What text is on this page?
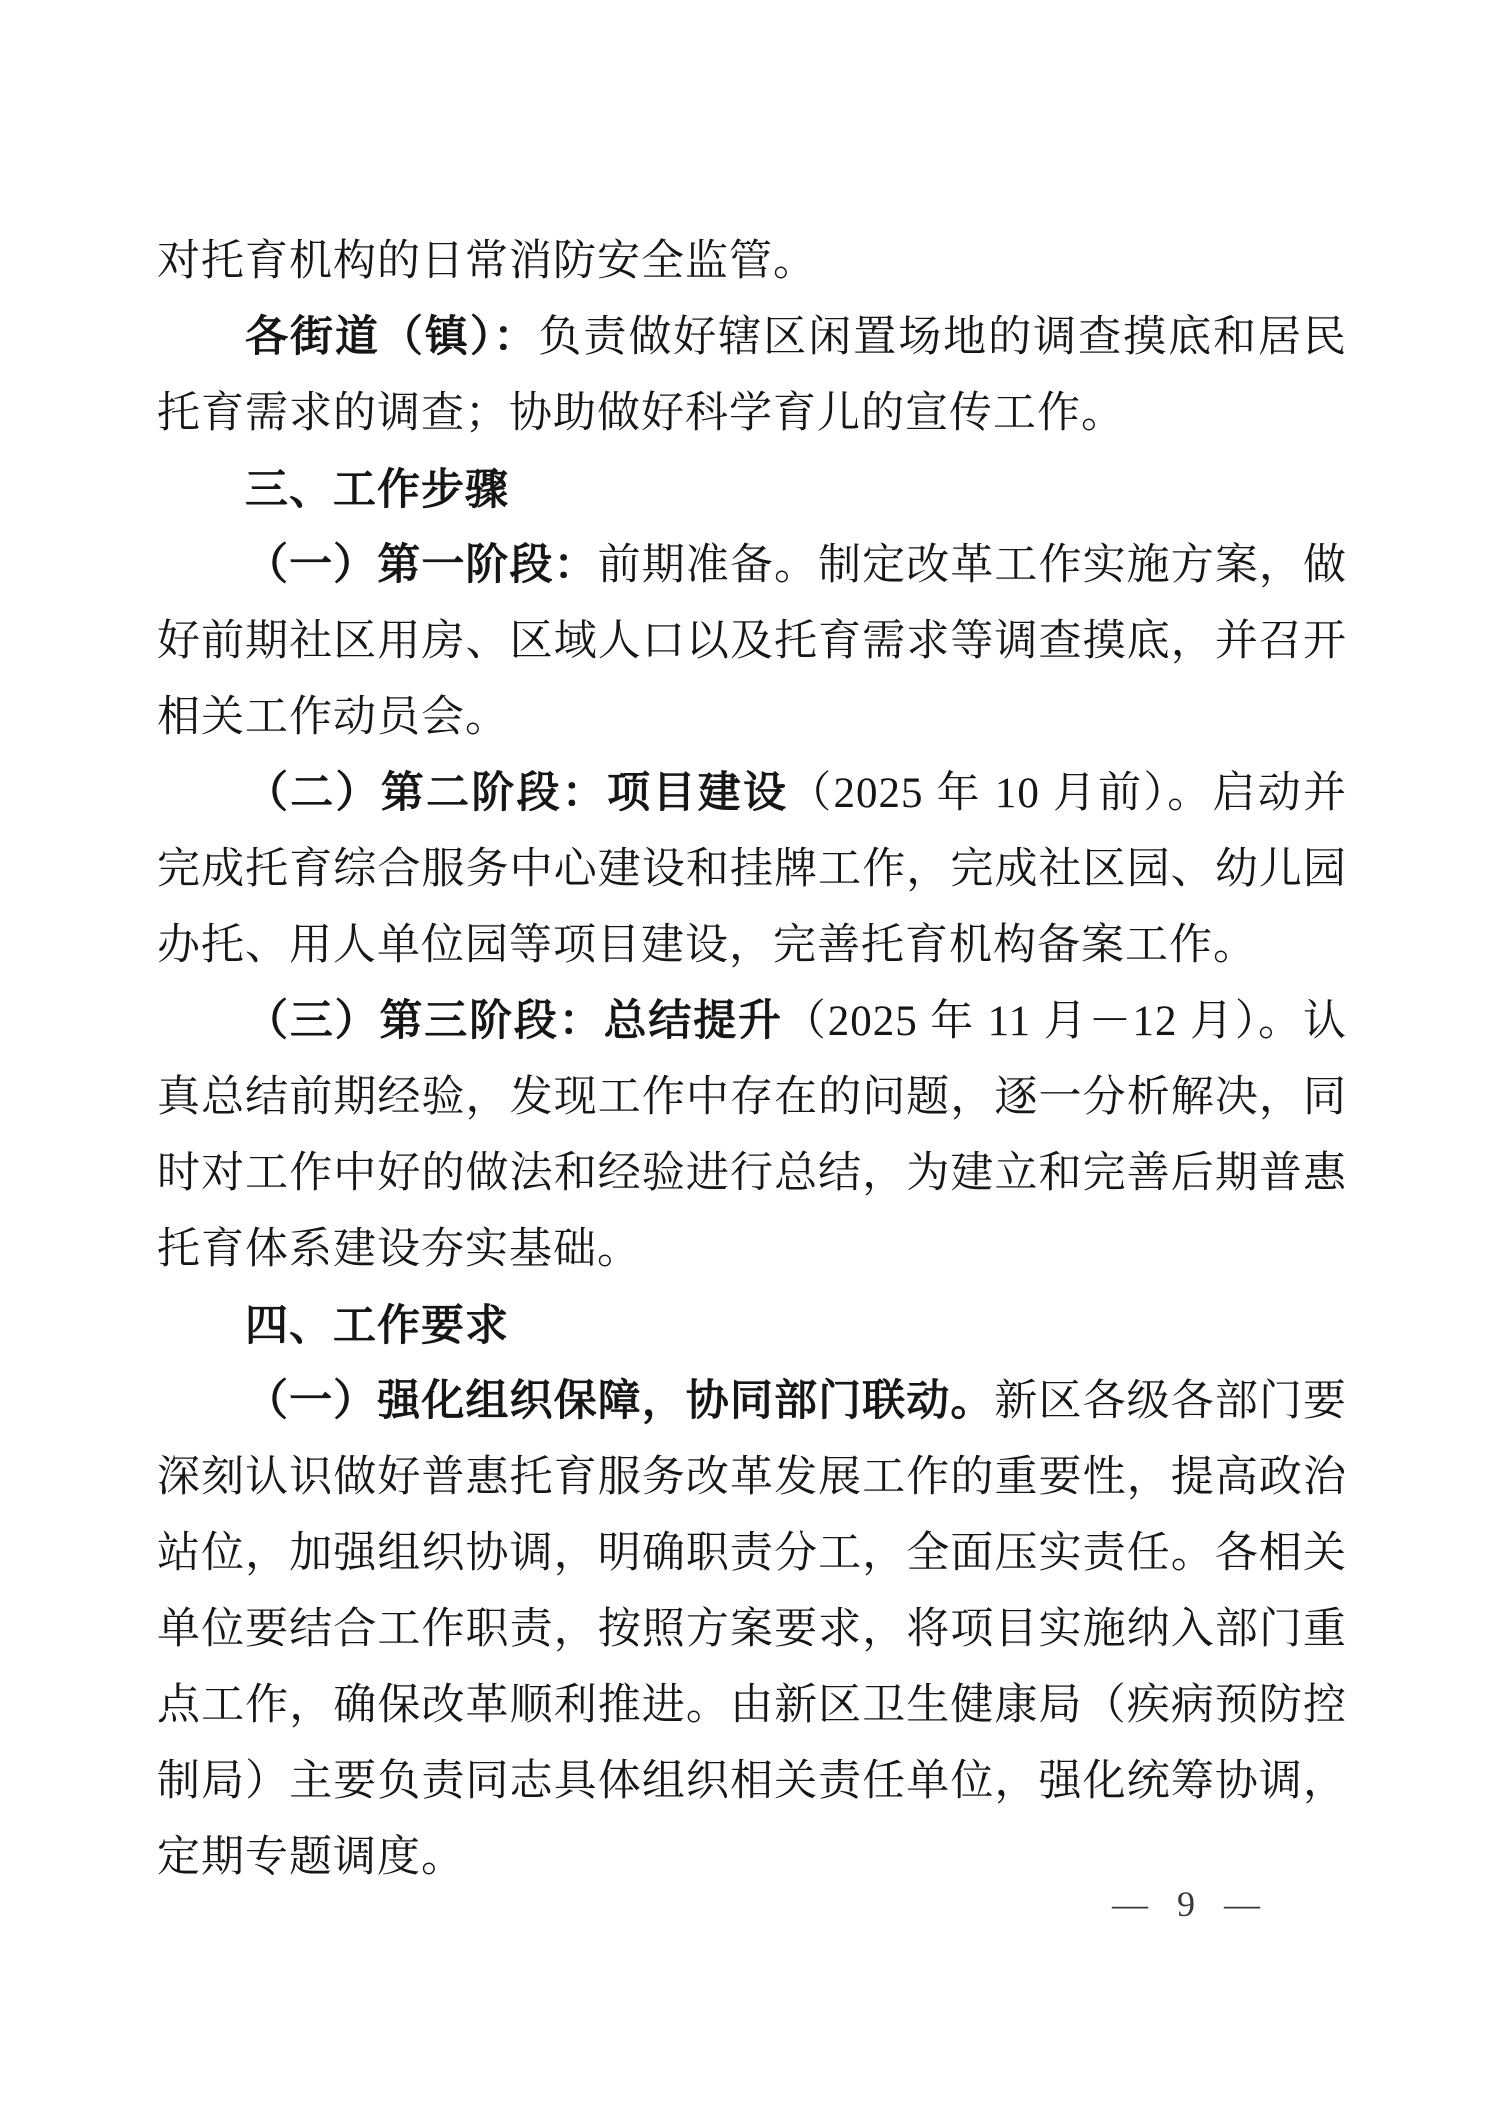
对托育机构的日常消防安全监管。

各街道（镇）：负责做好辖区闲置场地的调查摸底和居民托育需求的调查；协助做好科学育儿的宣传工作。

三、工作步骤

（一）第一阶段：前期准备。制定改革工作实施方案，做好前期社区用房、区域人口以及托育需求等调查摸底，并召开相关工作动员会。

（二）第二阶段：项目建设（2025 年 10 月前）。启动并完成托育综合服务中心建设和挂牌工作，完成社区园、幼儿园办托、用人单位园等项目建设，完善托育机构备案工作。

（三）第三阶段：总结提升（2025 年 11 月－12 月）。认真总结前期经验，发现工作中存在的问题，逐一分析解决，同时对工作中好的做法和经验进行总结，为建立和完善后期普惠托育体系建设夯实基础。

四、工作要求

（一）强化组织保障，协同部门联动。新区各级各部门要深刻认识做好普惠托育服务改革发展工作的重要性，提高政治站位，加强组织协调，明确职责分工，全面压实责任。各相关单位要结合工作职责，按照方案要求，将项目实施纳入部门重点工作，确保改革顺利推进。由新区卫生健康局（疾病预防控制局）主要负责同志具体组织相关责任单位，强化统筹协调，定期专题调度。

— 9 —
